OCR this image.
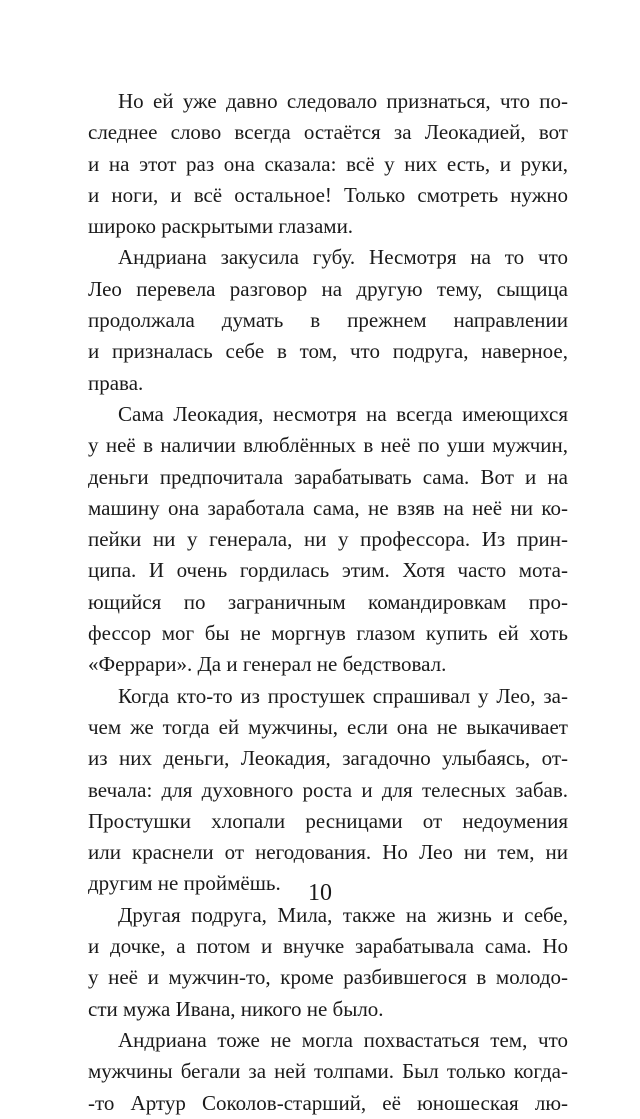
Но ей уже давно следовало признаться, что по-
следнее слово всегда остаётся за Леокадией, вот
и на этот раз она сказала: всё у них есть, и руки,
и ноги, и всё остальное! Только смотреть нужно
широко раскрытыми глазами.
Андриана закусила губу. Несмотря на то что
Лео перевела разговор на другую тему, сыщица
продолжала думать в прежнем направлении
и призналась себе в том, что подруга, наверное,
права.
Сама Леокадия, несмотря на всегда имеющихся
у неё в наличии влюблённых в неё по уши мужчин,
деньги предпочитала зарабатывать сама. Вот и на
машину она заработала сама, не взяв на неё ни ко-
пейки ни у генерала, ни у профессора. Из прин-
ципа. И очень гордилась этим. Хотя часто мота-
ющийся по заграничным командировкам про-
фессор мог бы не моргнув глазом купить ей хоть
«Феррари». Да и генерал не бедствовал.
Когда кто-то из простушек спрашивал у Лео, за-
чем же тогда ей мужчины, если она не выкачивает
из них деньги, Леокадия, загадочно улыбаясь, от-
вечала: для духовного роста и для телесных забав.
Простушки хлопали ресницами от недоумения
или краснели от негодования. Но Лео ни тем, ни
другим не проймёшь.
Другая подруга, Мила, также на жизнь и себе,
и дочке, а потом и внучке зарабатывала сама. Но
у неё и мужчин-то, кроме разбившегося в молодо-
сти мужа Ивана, никого не было.
Андриана тоже не могла похвастаться тем, что
мужчины бегали за ней толпами. Был только когда-
-то Артур Соколов-старший, её юношеская лю-
10
